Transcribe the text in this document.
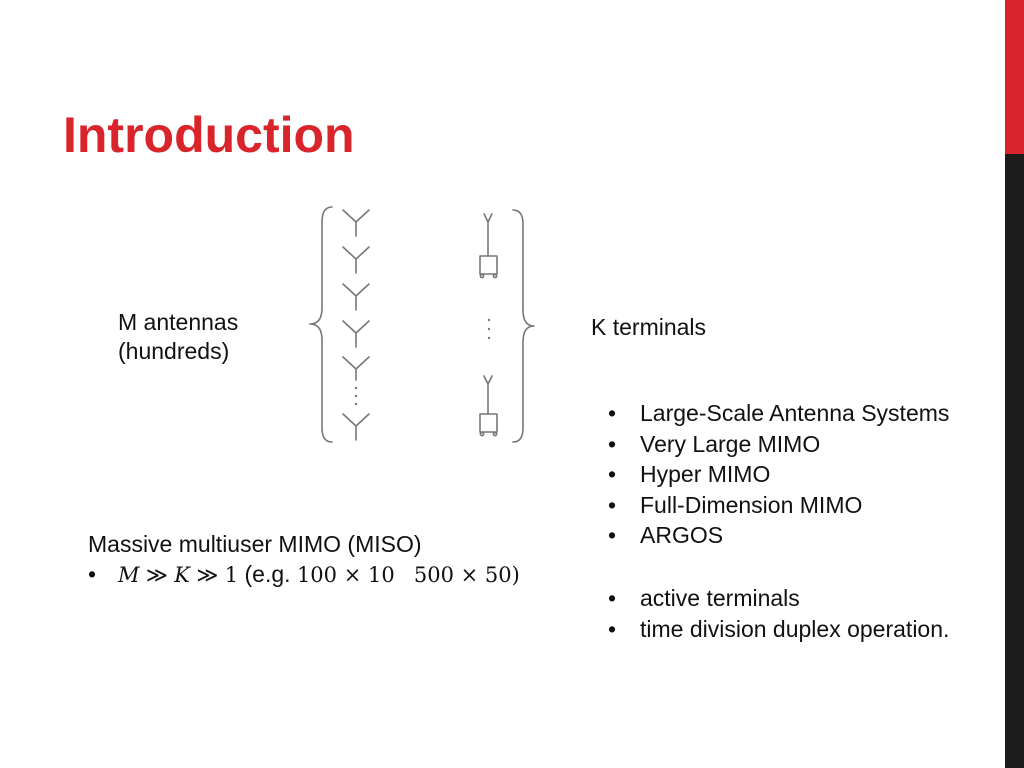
Introduction
M antennas
(hundreds)
K terminals
• Large-Scale Antenna Systems
• Very Large MIMO
• Hyper MIMO
• Full-Dimension MIMO
• ARGOS
• active terminals
• time division duplex operation.
Massive multiuser MIMO (MISO)
• M ≫ K ≫ 1 (e.g. 100 × 10 500 × 50)
